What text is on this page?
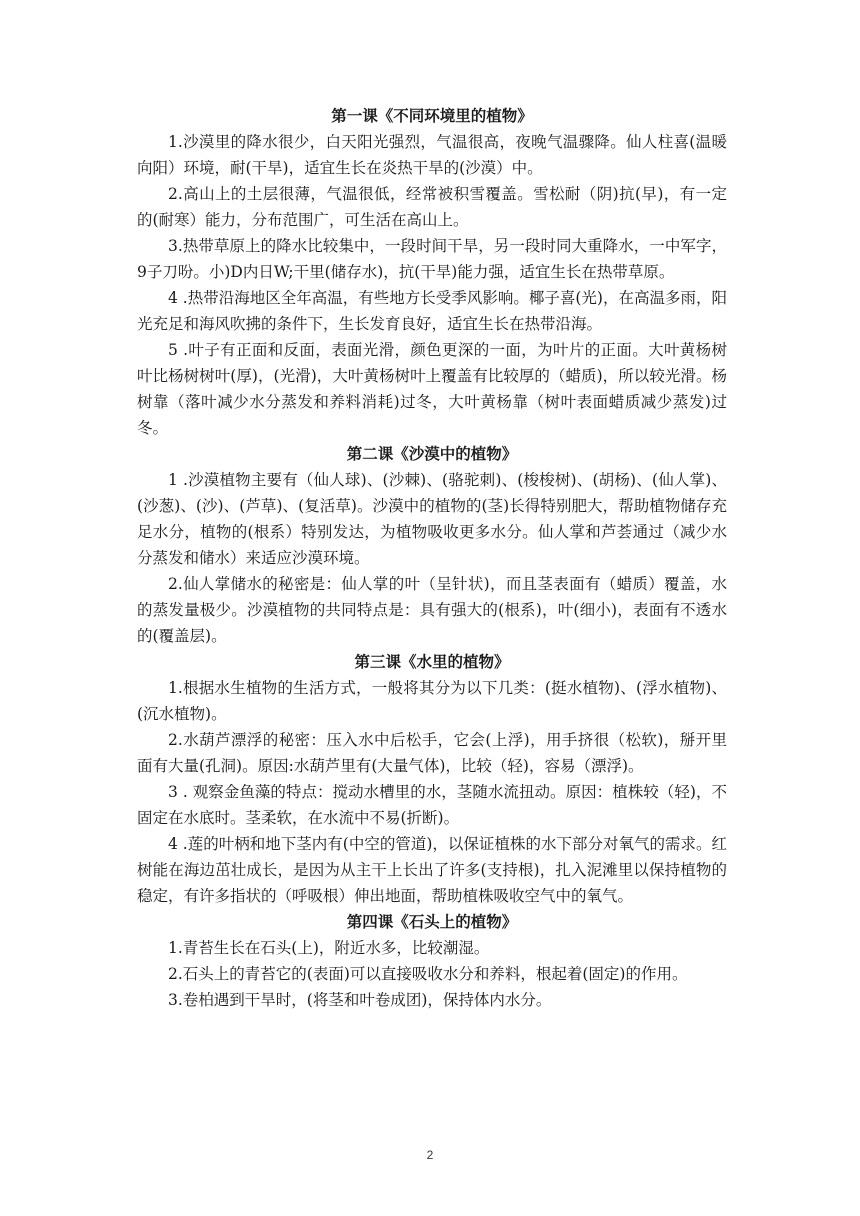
第一课《不同环境里的植物》

1.沙漠里的降水很少，白天阳光强烈，气温很高，夜晚气温骤降。仙人柱喜(温暖向阳）环境，耐(干旱)，适宜生长在炎热干旱的(沙漠）中。

2.高山上的土层很薄，气温很低，经常被积雪覆盖。雪松耐（阴)抗(早)，有一定的(耐寒）能力，分布范围广，可生活在高山上。

3.热带草原上的降水比较集中，一段时间干旱，另一段时同大重降水，一中军字，9子刀吩。小)D内日W;干里(储存水)，抗(干旱)能力强，适宜生长在热带草原。

4 .热带沿海地区全年高温，有些地方长受季风影响。椰子喜(光)，在高温多雨，阳光充足和海风吹拂的条件下，生长发育良好，适宜生长在热带沿海。

5 .叶子有正面和反面，表面光滑，颜色更深的一面，为叶片的正面。大叶黄杨树叶比杨树树叶(厚)，(光滑)，大叶黄杨树叶上覆盖有比较厚的（蜡质)，所以较光滑。杨树靠（落叶减少水分蒸发和养料消耗)过冬，大叶黄杨靠（树叶表面蜡质减少蒸发)过冬。

第二课《沙漠中的植物》

1 .沙漠植物主要有（仙人球)、(沙棘)、(骆驼刺)、(梭梭树)、(胡杨)、(仙人掌)、(沙葱)、(沙)、(芦草)、(复活草)。沙漠中的植物的(茎)长得特别肥大，帮助植物储存充足水分，植物的(根系）特别发达，为植物吸收更多水分。仙人掌和芦荟通过（减少水分蒸发和储水）来适应沙漠环境。

2.仙人掌储水的秘密是：仙人掌的叶（呈针状)，而且茎表面有（蜡质）覆盖，水的蒸发量极少。沙漠植物的共同特点是：具有强大的(根系)，叶(细小)，表面有不透水的(覆盖层)。

第三课《水里的植物》

1.根据水生植物的生活方式，一般将其分为以下几类：(挺水植物)、(浮水植物)、(沉水植物)。

2.水葫芦漂浮的秘密：压入水中后松手，它会(上浮)，用手挤很（松软)，掰开里面有大量(孔洞)。原因:水葫芦里有(大量气体)，比较（轻)，容易（漂浮)。

3 . 观察金鱼藻的特点：搅动水槽里的水，茎随水流扭动。原因：植株较（轻)，不固定在水底时。茎柔软，在水流中不易(折断)。

4 .莲的叶柄和地下茎内有(中空的管道)，以保证植株的水下部分对氧气的需求。红树能在海边茁壮成长，是因为从主干上长出了许多(支持根)，扎入泥滩里以保持植物的稳定，有许多指状的（呼吸根）伸出地面，帮助植株吸收空气中的氧气。

第四课《石头上的植物》

1.青苔生长在石头(上)，附近水多，比较潮湿。

2.石头上的青苔它的(表面)可以直接吸收水分和养料，根起着(固定)的作用。

3.卷柏遇到干旱时，(将茎和叶卷成团)，保持体内水分。

2
